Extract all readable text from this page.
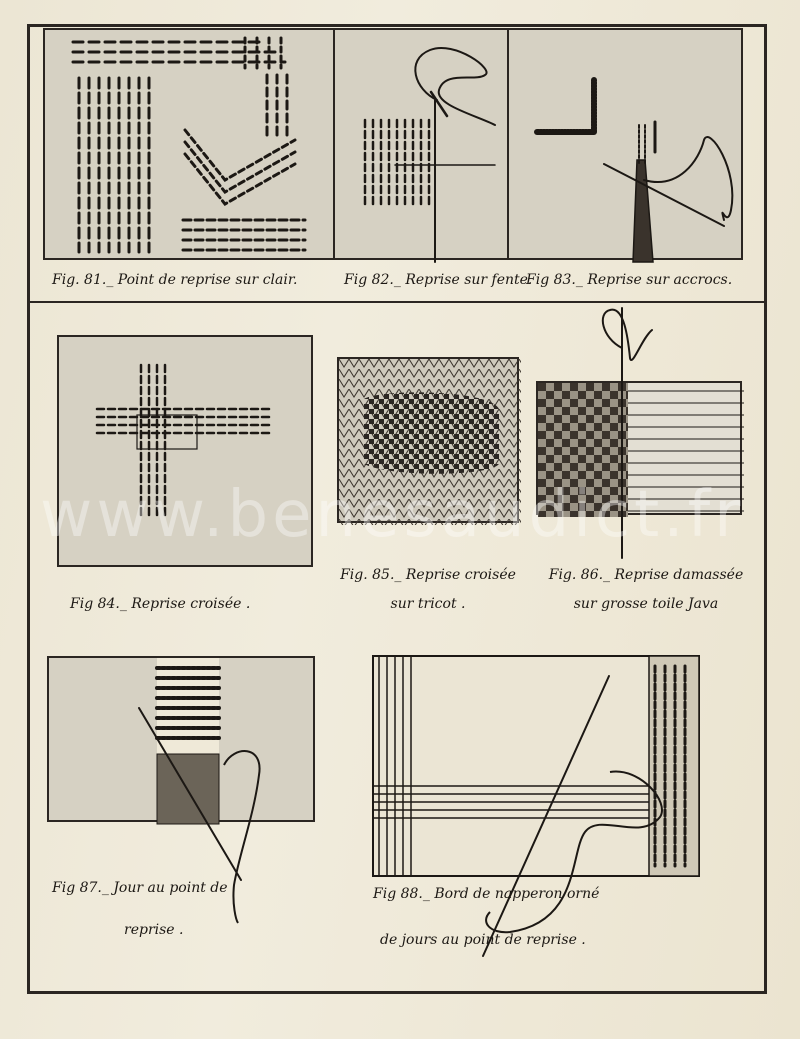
Fig. 81._ Point de reprise sur clair.	Fig 82._ Reprise sur fente.
Fig 83._ Reprise sur accrocs.
Fig 84._ Reprise croisée .
Fig. 85._ Reprise croisée
sur tricot .
Fig. 86._ Reprise damassée
sur grosse toile Java
Fig 87._ Jour au point de
reprise .
Fig 88._ Bord de napperon orné
de jours au point de reprise .
www.benesaudict.fr
